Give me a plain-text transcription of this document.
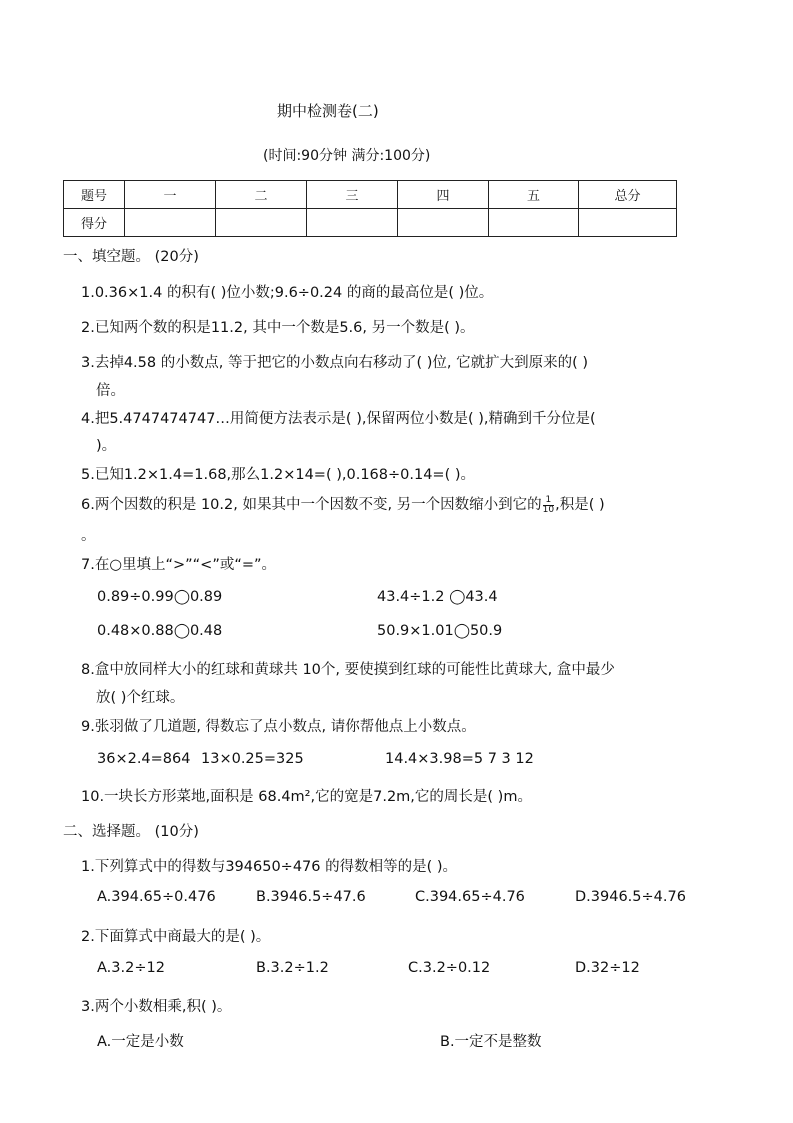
期中检测卷(二)
(时间:90分钟 满分:100分)
题号	一	二	三	四	五	总分
得分						
一、填空题。 (20分)
1.0.36×1.4 的积有( )位小数;9.6÷0.24 的商的最高位是( )位。
2.已知两个数的积是11.2, 其中一个数是5.6, 另一个数是( )。
3.去掉4.58 的小数点, 等于把它的小数点向右移动了( )位, 它就扩大到原来的( )
倍。
4.把5.4747474747…用简便方法表示是( ),保留两位小数是( ),精确到千分位是(
)。
5.已知1.2×1.4=1.68,那么1.2×14=( ),0.168÷0.14=( )。
6.两个因数的积是 10.2, 如果其中一个因数不变, 另一个因数缩小到它的 $\frac{1}{10}$ ,积是( )
。
7.在○里填上“>”“<”或“=”。
0.89÷0.99◯0.89	43.4÷1.2 ◯43.4
0.48×0.88◯0.48	50.9×1.01◯50.9
8.盒中放同样大小的红球和黄球共 10个, 要使摸到红球的可能性比黄球大, 盒中最少
放( )个红球。
9.张羽做了几道题, 得数忘了点小数点, 请你帮他点上小数点。
36×2.4=864 13×0.25=325	14.4×3.98=5 7 3 12
10.一块长方形菜地,面积是 68.4m²,它的宽是7.2m,它的周长是( )m。
二、选择题。 (10分)
1.下列算式中的得数与394650÷476 的得数相等的是( )。
A.394.65÷0.476	B.3946.5÷47.6	C.394.65÷4.76	D.3946.5÷4.76
2.下面算式中商最大的是( )。
A.3.2÷12	B.3.2÷1.2	C.3.2÷0.12	D.32÷12
3.两个小数相乘,积( )。
A.一定是小数	B.一定不是整数
